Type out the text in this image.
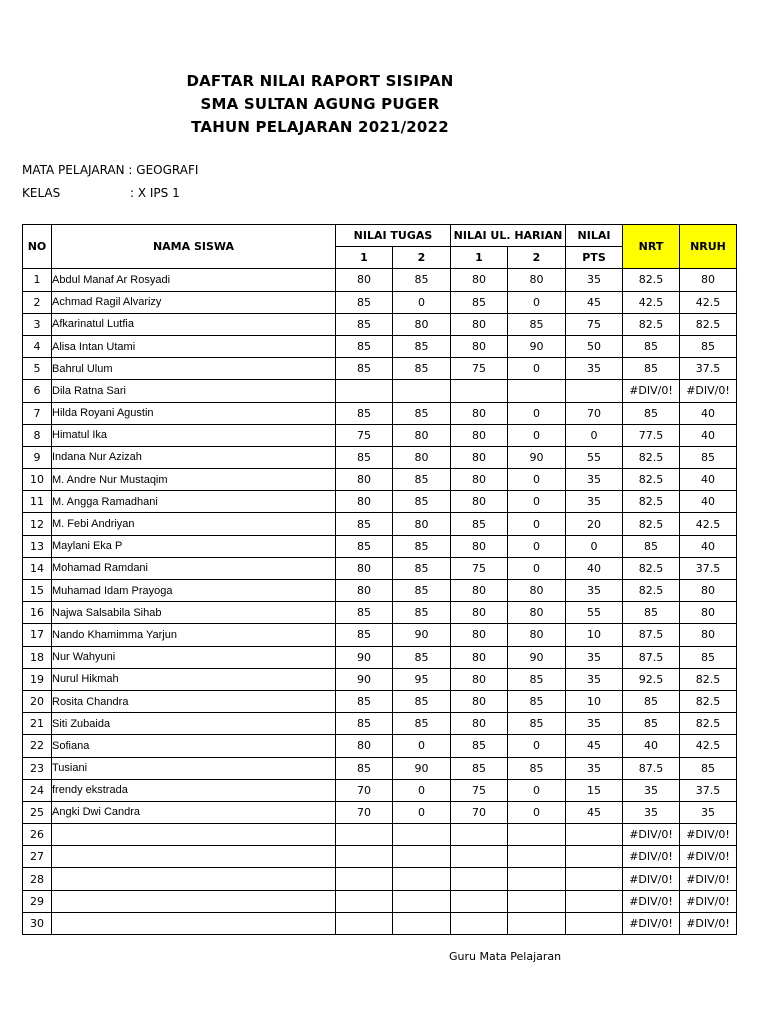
DAFTAR NILAI RAPORT SISIPAN
SMA SULTAN AGUNG PUGER
TAHUN PELAJARAN 2021/2022
MATA PELAJARAN : GEOGRAFI
KELAS	: X IPS 1
NO	NAMA SISWA	NILAI TUGAS		NILAI UL. HARIAN		NILAI	NRT	NRUH
		1	2	1	2	PTS		
1	Abdul Manaf Ar Rosyadi	80	85	80	80	35	82.5	80
2	Achmad Ragil Alvarizy	85	0	85	0	45	42.5	42.5
3	Afkarinatul Lutfia	85	80	80	85	75	82.5	82.5
4	Alisa Intan Utami	85	85	80	90	50	85	85
5	Bahrul Ulum	85	85	75	0	35	85	37.5
6	Dila Ratna Sari						#DIV/0!	#DIV/0!
7	Hilda Royani Agustin	85	85	80	0	70	85	40
8	Himatul Ika	75	80	80	0	0	77.5	40
9	Indana Nur Azizah	85	80	80	90	55	82.5	85
10	M. Andre Nur Mustaqim	80	85	80	0	35	82.5	40
11	M. Angga Ramadhani	80	85	80	0	35	82.5	40
12	M. Febi Andriyan	85	80	85	0	20	82.5	42.5
13	Maylani Eka P	85	85	80	0	0	85	40
14	Mohamad Ramdani	80	85	75	0	40	82.5	37.5
15	Muhamad Idam Prayoga	80	85	80	80	35	82.5	80
16	Najwa Salsabila Sihab	85	85	80	80	55	85	80
17	Nando Khamimma Yarjun	85	90	80	80	10	87.5	80
18	Nur Wahyuni	90	85	80	90	35	87.5	85
19	Nurul Hikmah	90	95	80	85	35	92.5	82.5
20	Rosita Chandra	85	85	80	85	10	85	82.5
21	Siti Zubaida	85	85	80	85	35	85	82.5
22	Sofiana	80	0	85	0	45	40	42.5
23	Tusiani	85	90	85	85	35	87.5	85
24	frendy ekstrada	70	0	75	0	15	35	37.5
25	Angki Dwi Candra	70	0	70	0	45	35	35
26							#DIV/0!	#DIV/0!
27							#DIV/0!	#DIV/0!
28							#DIV/0!	#DIV/0!
29							#DIV/0!	#DIV/0!
30							#DIV/0!	#DIV/0!
Guru Mata Pelajaran
